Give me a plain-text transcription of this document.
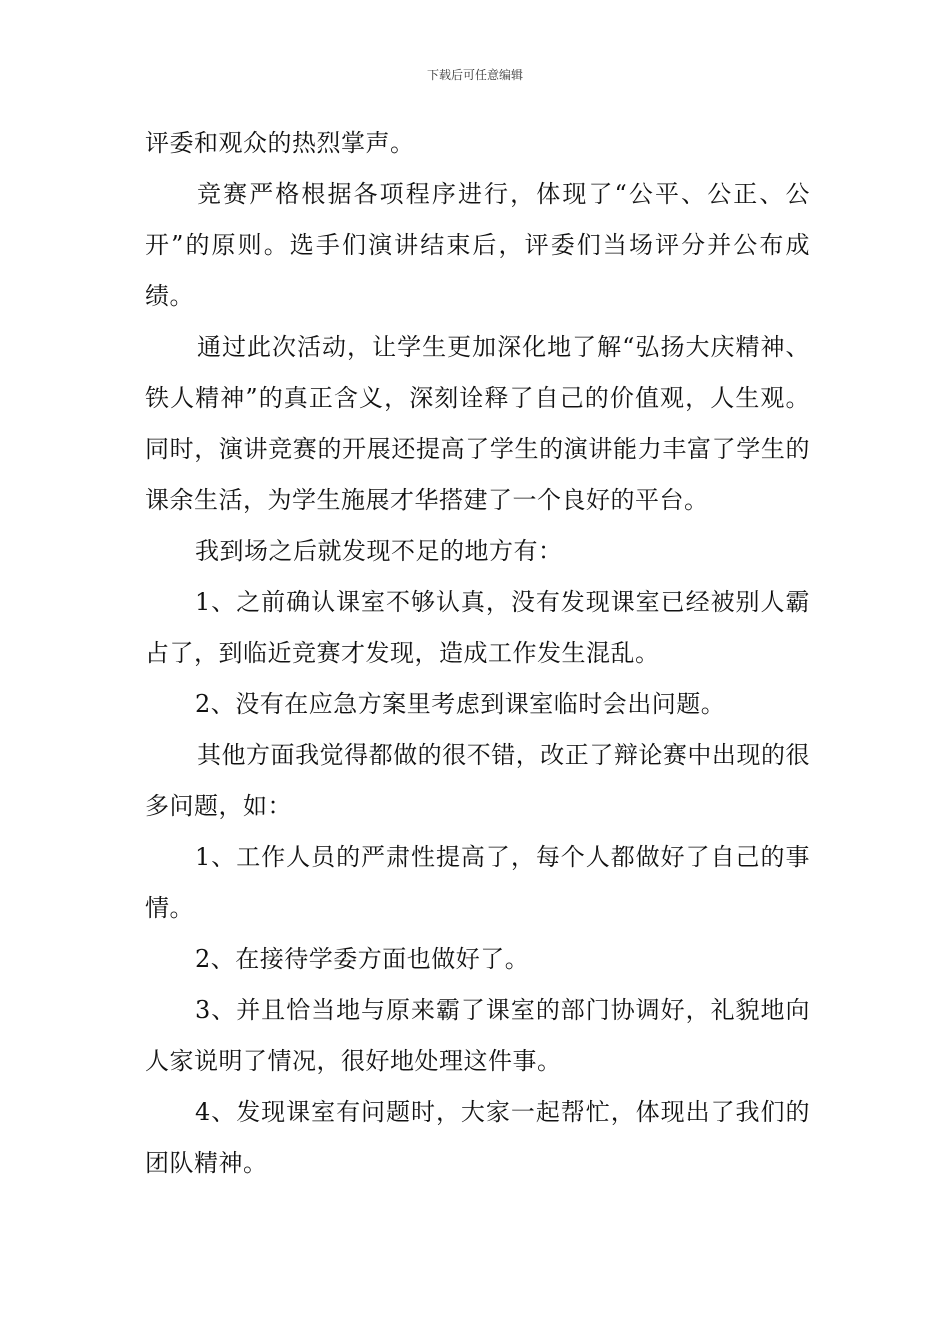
下载后可任意编辑

评委和观众的热烈掌声。

竞赛严格根据各项程序进行，体现了“公平、公正、公开”的原则。选手们演讲结束后，评委们当场评分并公布成绩。

通过此次活动，让学生更加深化地了解“弘扬大庆精神、铁人精神”的真正含义，深刻诠释了自己的价值观，人生观。同时，演讲竞赛的开展还提高了学生的演讲能力丰富了学生的课余生活，为学生施展才华搭建了一个良好的平台。

我到场之后就发现不足的地方有：

1、之前确认课室不够认真，没有发现课室已经被别人霸占了，到临近竞赛才发现，造成工作发生混乱。

2、没有在应急方案里考虑到课室临时会出问题。

其他方面我觉得都做的很不错，改正了辩论赛中出现的很多问题，如：

1、工作人员的严肃性提高了，每个人都做好了自己的事情。

2、在接待学委方面也做好了。

3、并且恰当地与原来霸了课室的部门协调好，礼貌地向人家说明了情况，很好地处理这件事。

4、发现课室有问题时，大家一起帮忙，体现出了我们的团队精神。
